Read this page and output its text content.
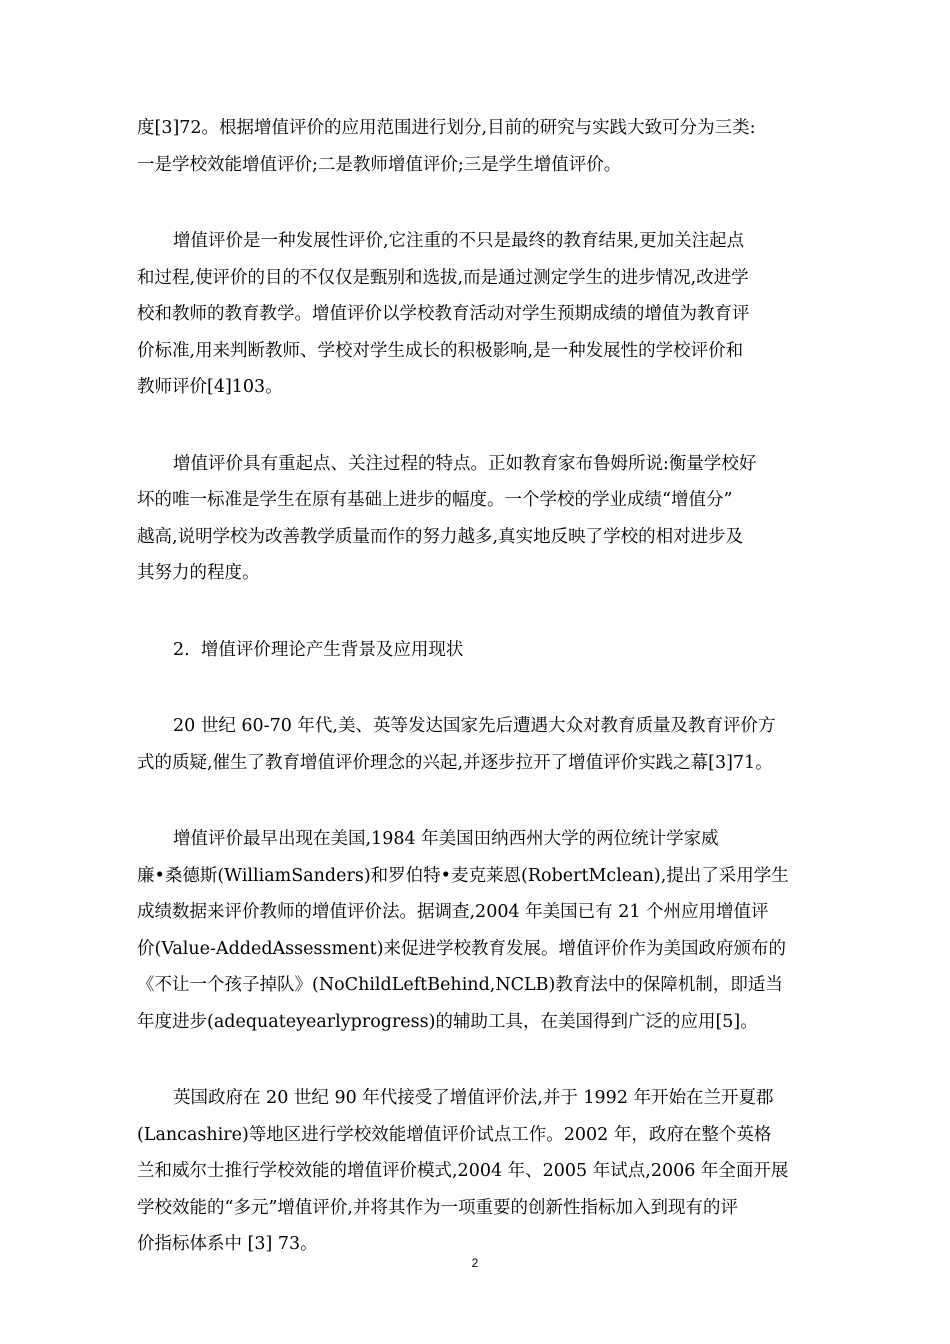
度[3]72。根据增值评价的应用范围进行划分,目前的研究与实践大致可分为三类:
一是学校效能增值评价;二是教师增值评价;三是学生增值评价。
增值评价是一种发展性评价,它注重的不只是最终的教育结果,更加关注起点
和过程,使评价的目的不仅仅是甄别和选拔,而是通过测定学生的进步情况,改进学
校和教师的教育教学。增值评价以学校教育活动对学生预期成绩的增值为教育评
价标准,用来判断教师、学校对学生成长的积极影响,是一种发展性的学校评价和
教师评价[4]103。
增值评价具有重起点、关注过程的特点。正如教育家布鲁姆所说:衡量学校好
坏的唯一标准是学生在原有基础上进步的幅度。一个学校的学业成绩“增值分”
越高,说明学校为改善教学质量而作的努力越多,真实地反映了学校的相对进步及
其努力的程度。
2.  增值评价理论产生背景及应用现状
20 世纪 60-70 年代,美、英等发达国家先后遭遇大众对教育质量及教育评价方
式的质疑,催生了教育增值评价理念的兴起,并逐步拉开了增值评价实践之幕[3]71。
增值评价最早出现在美国,1984 年美国田纳西州大学的两位统计学家威
廉•桑德斯(WilliamSanders)和罗伯特•麦克莱恩(RobertMclean),提出了采用学生
成绩数据来评价教师的增值评价法。据调查,2004 年美国已有 21 个州应用增值评
价(Value-AddedAssessment)来促进学校教育发展。增值评价作为美国政府颁布的
《不让一个孩子掉队》(NoChildLeftBehind,NCLB)教育法中的保障机制，即适当
年度进步(adequateyearlyprogress)的辅助工具，在美国得到广泛的应用[5]。
英国政府在 20 世纪 90 年代接受了增值评价法,并于 1992 年开始在兰开夏郡
(Lancashire)等地区进行学校效能增值评价试点工作。2002 年，政府在整个英格
兰和威尔士推行学校效能的增值评价模式,2004 年、2005 年试点,2006 年全面开展
学校效能的“多元”增值评价,并将其作为一项重要的创新性指标加入到现有的评
价指标体系中 [3] 73。
2
